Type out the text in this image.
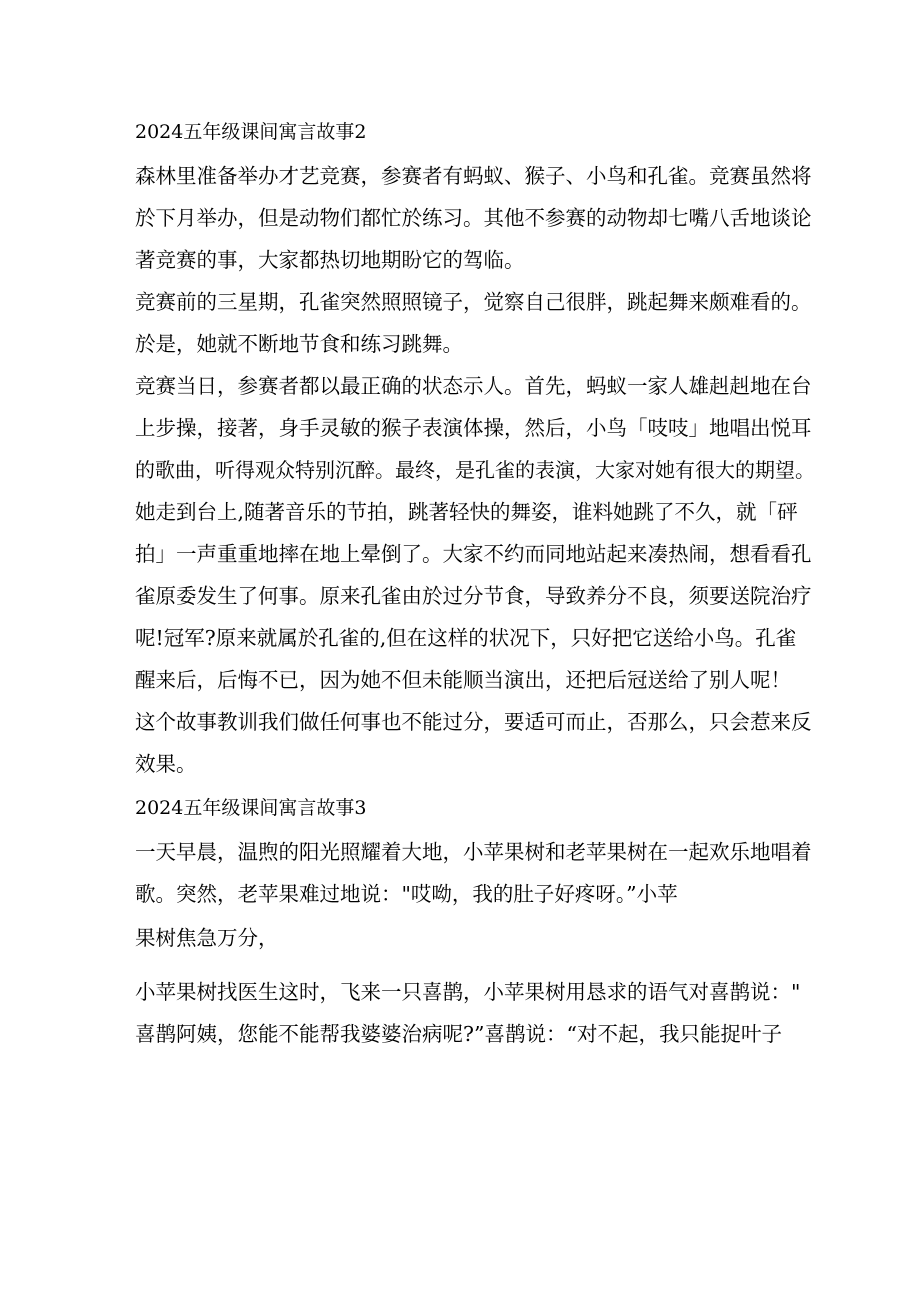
2024五年级课间寓言故事2
森林里准备举办才艺竞赛，参赛者有蚂蚁、猴子、小鸟和孔雀。竞赛虽然将
於下月举办，但是动物们都忙於练习。其他不参赛的动物却七嘴八舌地谈论
著竞赛的事，大家都热切地期盼它的驾临。
竞赛前的三星期，孔雀突然照照镜子，觉察自己很胖，跳起舞来颇难看的。
於是，她就不断地节食和练习跳舞。
竞赛当日，参赛者都以最正确的状态示人。首先，蚂蚁一家人雄赳赳地在台
上步操，接著，身手灵敏的猴子表演体操，然后，小鸟「吱吱」地唱出悦耳
的歌曲，听得观众特别沉醉。最终，是孔雀的表演，大家对她有很大的期望。
她走到台上,随著音乐的节拍，跳著轻快的舞姿，谁料她跳了不久，就「砰
拍」一声重重地摔在地上晕倒了。大家不约而同地站起来凑热闹，想看看孔
雀原委发生了何事。原来孔雀由於过分节食，导致养分不良，须要送院治疗
呢!冠军?原来就属於孔雀的,但在这样的状况下，只好把它送给小鸟。孔雀
醒来后，后悔不已，因为她不但未能顺当演出，还把后冠送给了别人呢！
这个故事教训我们做任何事也不能过分，要适可而止，否那么，只会惹来反
效果。
2024五年级课间寓言故事3
一天早晨，温煦的阳光照耀着大地，小苹果树和老苹果树在一起欢乐地唱着
歌。突然，老苹果难过地说："哎呦，我的肚子好疼呀。”小苹
果树焦急万分，
小苹果树找医生这时，飞来一只喜鹊，小苹果树用恳求的语气对喜鹊说："
喜鹊阿姨，您能不能帮我婆婆治病呢?”喜鹊说：“对不起，我只能捉叶子
